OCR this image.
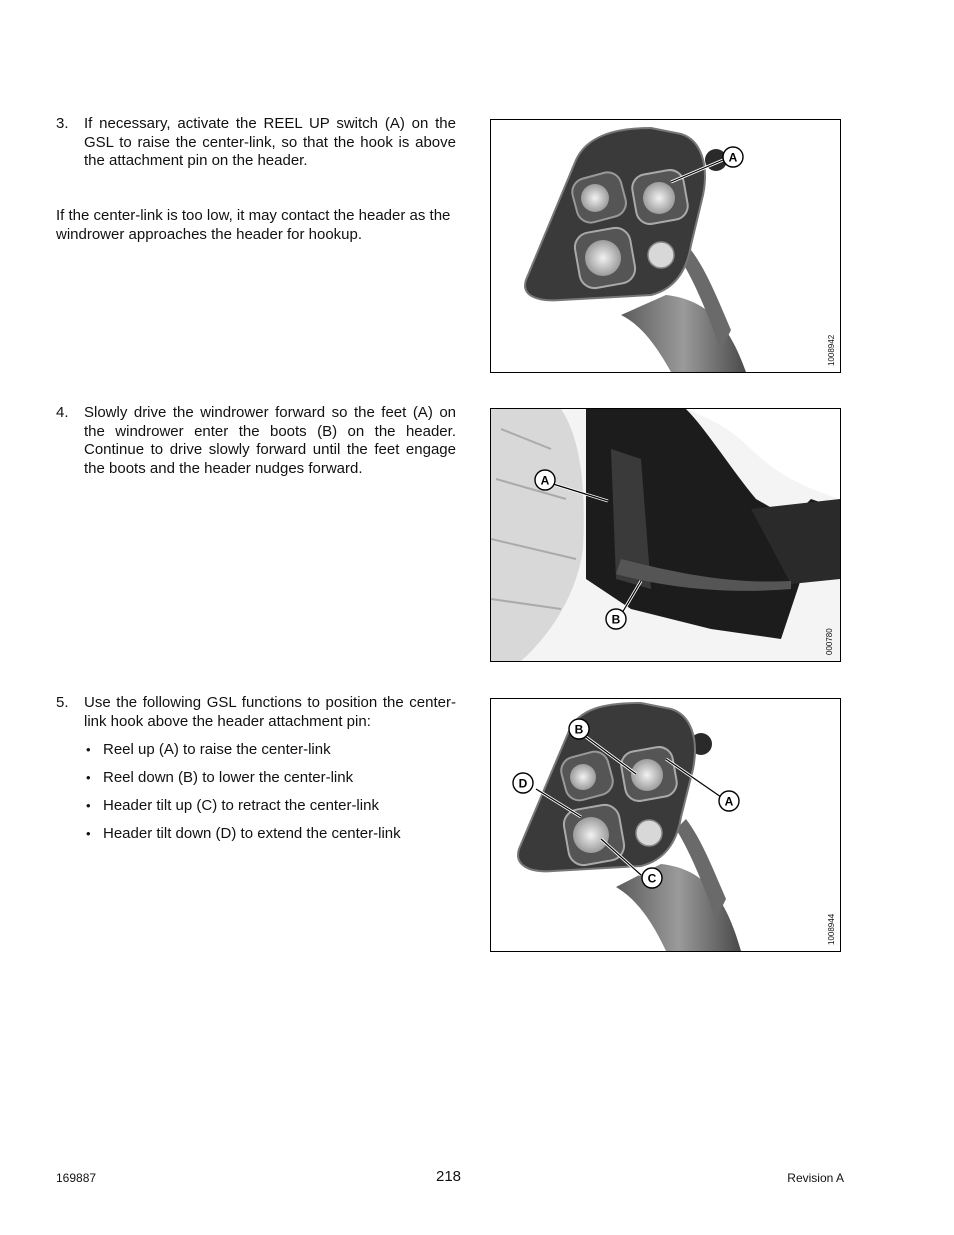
3. If necessary, activate the REEL UP switch (A) on the GSL to raise the center-link, so that the hook is above the attachment pin on the header.
If the center-link is too low, it may contact the header as the windrower approaches the header for hookup.
A
1008942
4. Slowly drive the windrower forward so the feet (A) on the windrower enter the boots (B) on the header. Continue to drive slowly forward until the feet engage the boots and the header nudges forward.
A
B
000780
5. Use the following GSL functions to position the center-link hook above the header attachment pin:
• Reel up (A) to raise the center-link
• Reel down (B) to lower the center-link
• Header tilt up (C) to retract the center-link
• Header tilt down (D) to extend the center-link
B
A
C
D
1008944
169887	218	Revision A
